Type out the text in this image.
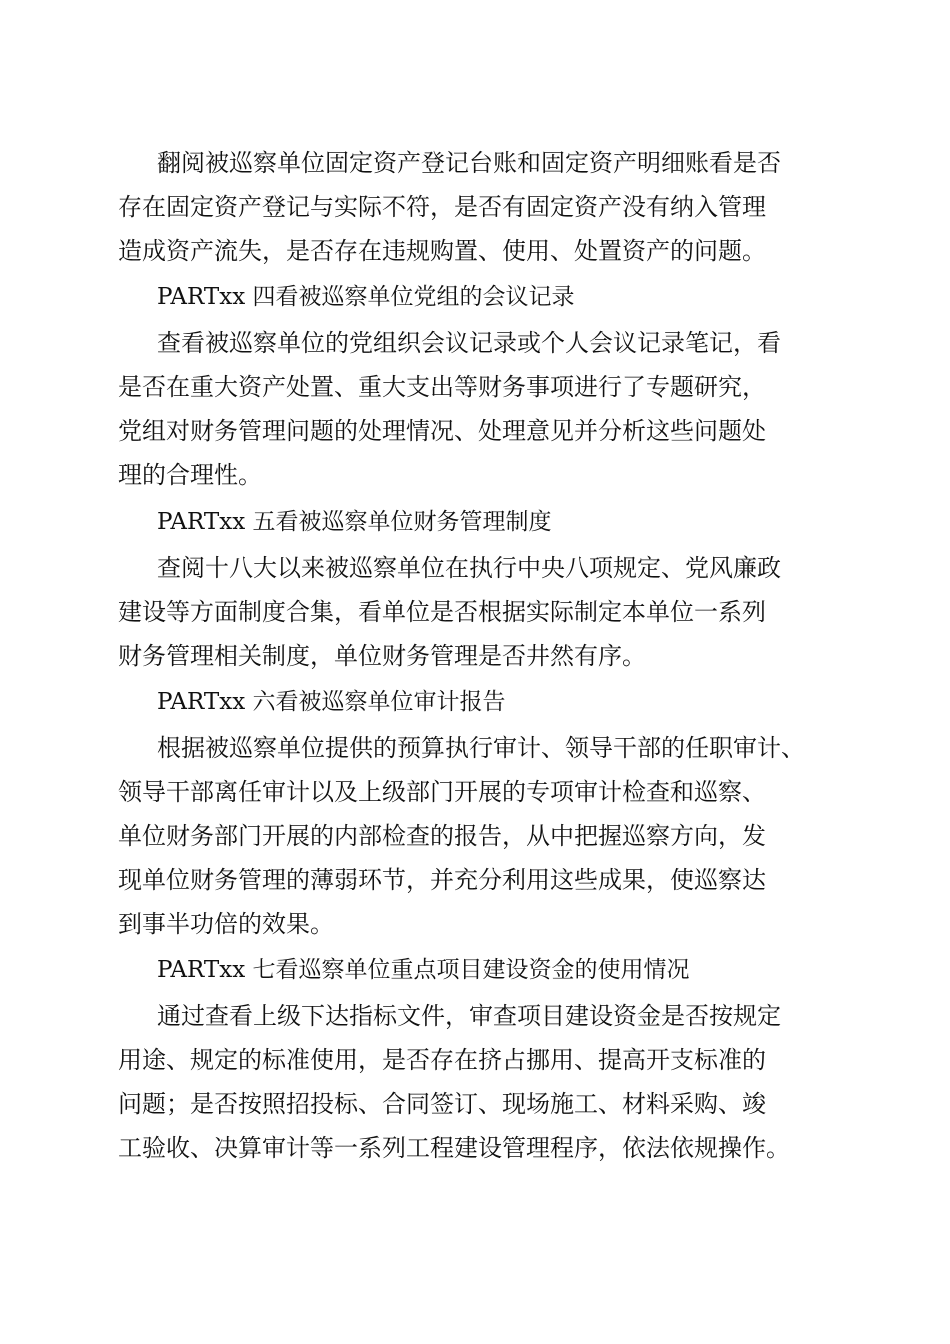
翻阅被巡察单位固定资产登记台账和固定资产明细账看是否
存在固定资产登记与实际不符，是否有固定资产没有纳入管理
造成资产流失，是否存在违规购置、使用、处置资产的问题。
PARTxx 四看被巡察单位党组的会议记录
查看被巡察单位的党组织会议记录或个人会议记录笔记，看
是否在重大资产处置、重大支出等财务事项进行了专题研究，
党组对财务管理问题的处理情况、处理意见并分析这些问题处
理的合理性。
PARTxx 五看被巡察单位财务管理制度
查阅十八大以来被巡察单位在执行中央八项规定、党风廉政
建设等方面制度合集，看单位是否根据实际制定本单位一系列
财务管理相关制度，单位财务管理是否井然有序。
PARTxx 六看被巡察单位审计报告
根据被巡察单位提供的预算执行审计、领导干部的任职审计、
领导干部离任审计以及上级部门开展的专项审计检查和巡察、
单位财务部门开展的内部检查的报告，从中把握巡察方向，发
现单位财务管理的薄弱环节，并充分利用这些成果，使巡察达
到事半功倍的效果。
PARTxx 七看巡察单位重点项目建设资金的使用情况
通过查看上级下达指标文件，审查项目建设资金是否按规定
用途、规定的标准使用，是否存在挤占挪用、提高开支标准的
问题；是否按照招投标、合同签订、现场施工、材料采购、竣
工验收、决算审计等一系列工程建设管理程序，依法依规操作。
